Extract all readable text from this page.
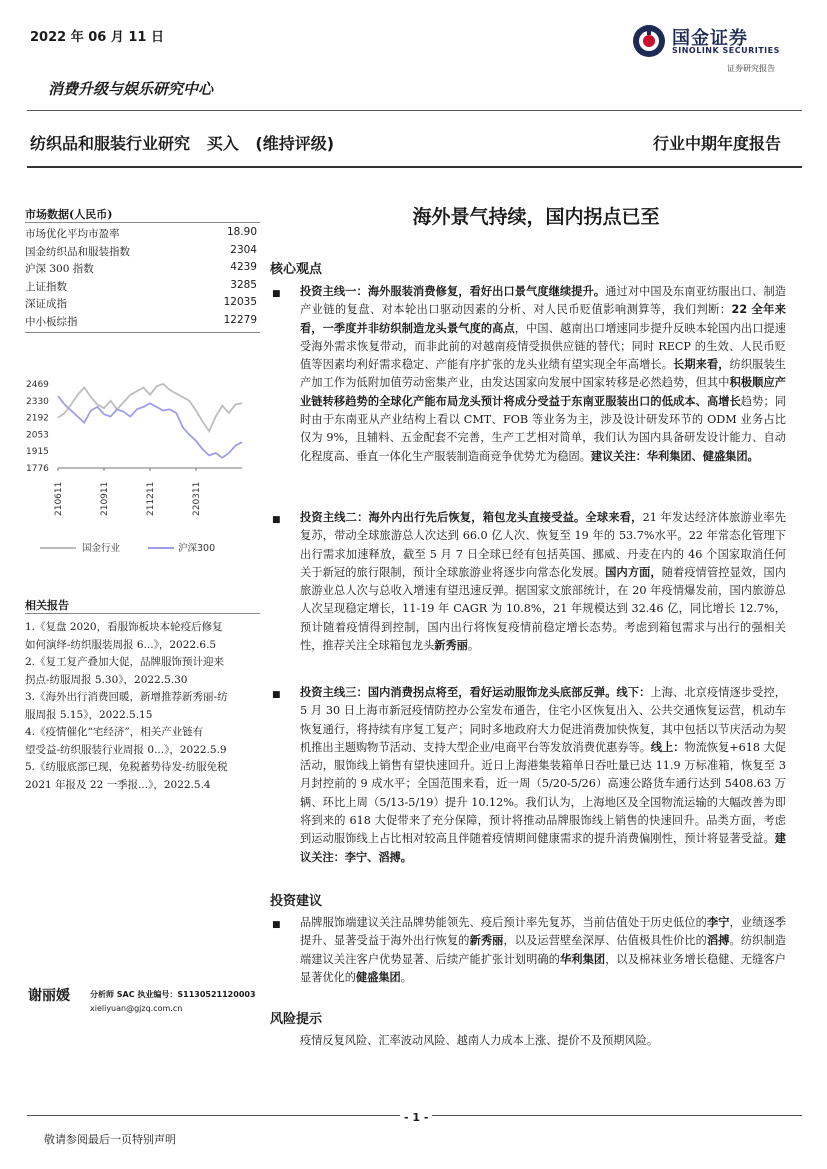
2022 年 06 月 11 日	国金证券
SINOLINK SECURITIES
证券研究报告
消费升级与娱乐研究中心
纺织品和服装行业研究   买入   (维持评级)	行业中期年度报告
市场数据(人民币)
市场优化平均市盈率	18.90
国金纺织品和服装指数	2304
沪深 300 指数	4239
上证指数	3285
深证成指	12035
中小板综指	12279
2469
2330
2192
2053
1915
1776
210611	210911	211211	220311
国金行业	沪深300
相关报告
1.《复盘 2020，看服饰板块本轮疫后修复
如何演绎-纺织服装周报 6...》，2022.6.5
2.《复工复产叠加大促，品牌服饰预计迎来
拐点-纺服周报 5.30》，2022.5.30
3.《海外出行消费回暖，新增推荐新秀丽-纺
服周报 5.15》，2022.5.15
4.《疫情催化“宅经济”，相关产业链有
望受益-纺织服装行业周报 0...》，2022.5.9
5.《纺服底部已现，免税蓄势待发-纺服免税
2021 年报及 22 一季报...》，2022.5.4
海外景气持续，国内拐点已至
核心观点
■ 投资主线一：海外服装消费修复，看好出口景气度继续提升。通过对中国及东南亚纺服出口、制造产业链的复盘、对本轮出口驱动因素的分析、对人民币贬值影响测算等，我们判断：22 全年来看，一季度并非纺织制造龙头景气度的高点，中国、越南出口增速同步提升反映本轮国内出口提速受海外需求恢复带动，而非此前的对越南疫情受损供应链的替代；同时 RECP 的生效、人民币贬值等因素均利好需求稳定、产能有序扩张的龙头业绩有望实现全年高增长。长期来看，纺织服装生产加工作为低附加值劳动密集产业，由发达国家向发展中国家转移是必然趋势，但其中积极顺应产业链转移趋势的全球化产能布局龙头预计将成分受益于东南亚服装出口的低成本、高增长趋势；同时由于东南亚从产业结构上看以 CMT、FOB 等业务为主，涉及设计研发环节的 ODM 业务占比仅为 9%，且辅料、五金配套不完善，生产工艺相对简单，我们认为国内具备研发设计能力、自动化程度高、垂直一体化生产服装制造商竞争优势尤为稳固。建议关注：华利集团、健盛集团。
■ 投资主线二：海外内出行先后恢复，箱包龙头直接受益。全球来看，21 年发达经济体旅游业率先复苏，带动全球旅游总人次达到 66.0 亿人次、恢复至 19 年的 53.7%水平。22 年常态化管理下出行需求加速释放，截至 5 月 7 日全球已经有包括英国、挪威、丹麦在内的 46 个国家取消任何关于新冠的旅行限制，预计全球旅游业将逐步向常态化发展。国内方面，随着疫情管控显效，国内旅游业总人次与总收入增速有望迅速反弹。据国家文旅部统计，在 20 年疫情爆发前，国内旅游总人次呈现稳定增长，11-19 年 CAGR 为 10.8%，21 年规模达到 32.46 亿，同比增长 12.7%，预计随着疫情得到控制，国内出行将恢复疫情前稳定增长态势。考虑到箱包需求与出行的强相关性，推荐关注全球箱包龙头新秀丽。
■ 投资主线三：国内消费拐点将至，看好运动服饰龙头底部反弹。线下：上海、北京疫情逐步受控，5 月 30 日上海市新冠疫情防控办公室发布通告，住宅小区恢复出入、公共交通恢复运营，机动车恢复通行，将持续有序复工复产；同时多地政府大力促进消费加快恢复，其中包括以节庆活动为契机推出主题购物节活动、支持大型企业/电商平台等发放消费优惠券等。线上：物流恢复+618 大促活动，服饰线上销售有望快速回升。近日上海港集装箱单日吞吐量已达 11.9 万标准箱，恢复至 3 月封控前的 9 成水平；全国范围来看，近一周（5/20-5/26）高速公路货车通行达到 5408.63 万辆、环比上周（5/13-5/19）提升 10.12%。我们认为，上海地区及全国物流运输的大幅改善为即将到来的 618 大促带来了充分保障，预计将推动品牌服饰线上销售的快速回升。品类方面，考虑到运动服饰线上占比相对较高且伴随着疫情期间健康需求的提升消费偏刚性，预计将显著受益。建议关注：李宁、滔搏。
投资建议
■ 品牌服饰端建议关注品牌势能领先、疫后预计率先复苏，当前估值处于历史低位的李宁，业绩逐季提升、显著受益于海外出行恢复的新秀丽，以及运营壁垒深厚、估值极具性价比的滔搏。纺织制造端建议关注客户优势显著、后续产能扩张计划明确的华利集团，以及棉袜业务增长稳健、无缝客户显著优化的健盛集团。
风险提示
疫情反复风险、汇率波动风险、越南人力成本上涨、提价不及预期风险。
谢丽媛	分析师 SAC 执业编号：S1130521120003
xieliyuan@gjzq.com.cn
- 1 -
敬请参阅最后一页特别声明
